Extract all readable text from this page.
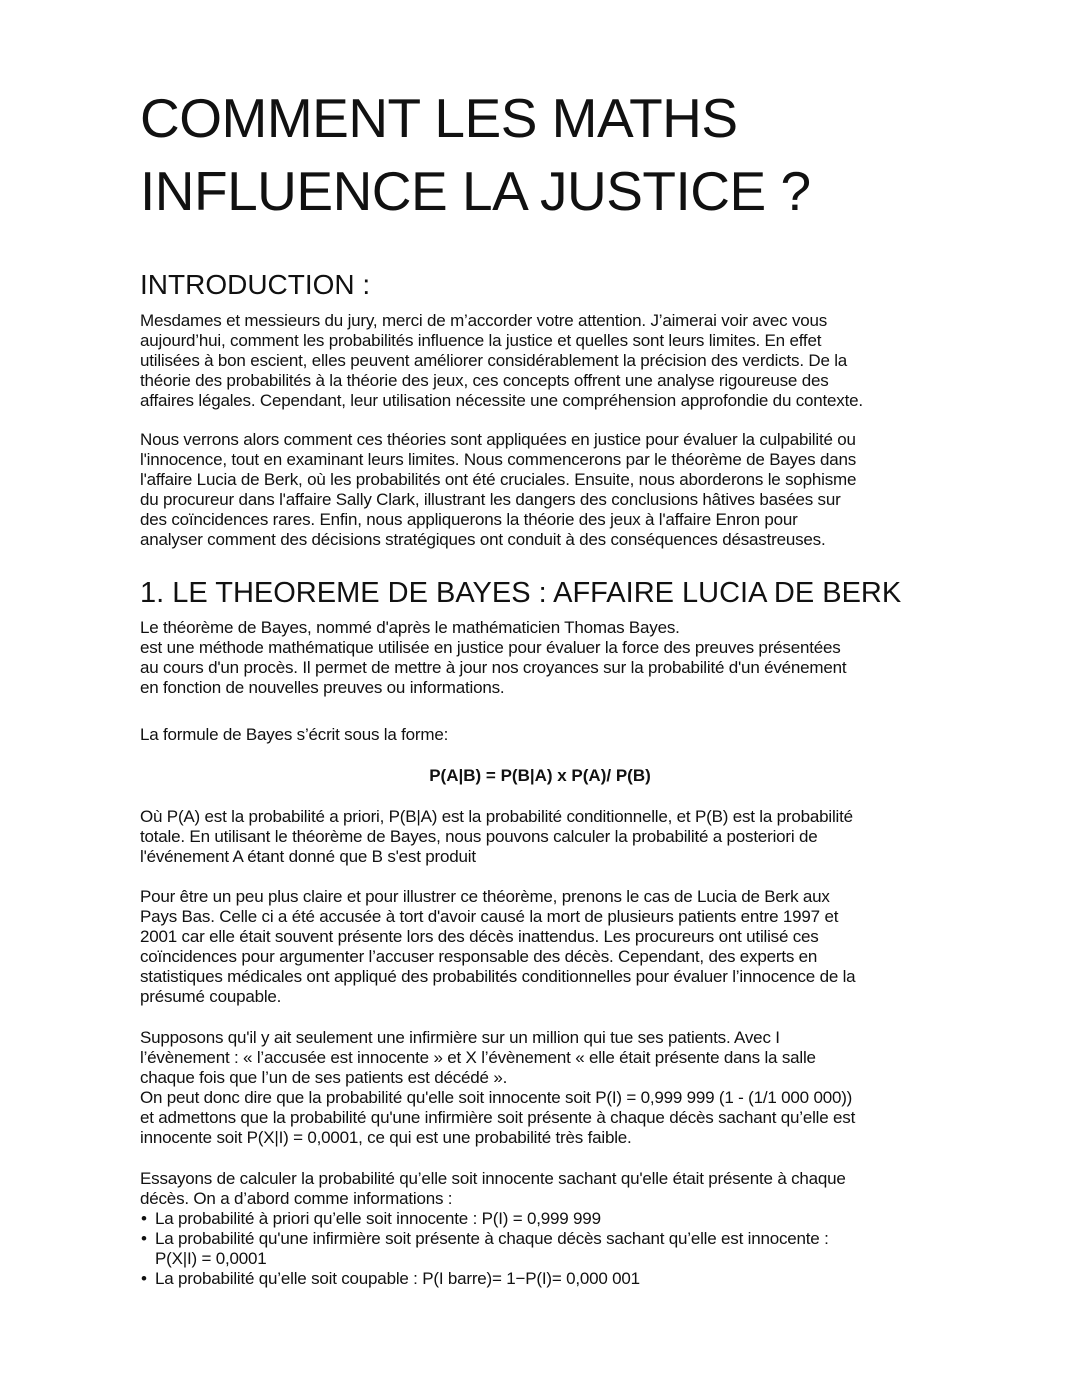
COMMENT LES MATHS
INFLUENCE LA JUSTICE ?
INTRODUCTION :
Mesdames et messieurs du jury, merci de m’accorder votre attention. J’aimerai voir avec vous
aujourd’hui, comment les probabilités influence la justice et quelles sont leurs limites. En effet
utilisées à bon escient, elles peuvent améliorer considérablement la précision des verdicts. De la
théorie des probabilités à la théorie des jeux, ces concepts offrent une analyse rigoureuse des
affaires légales. Cependant, leur utilisation nécessite une compréhension approfondie du contexte.
Nous verrons alors comment ces théories sont appliquées en justice pour évaluer la culpabilité ou
l'innocence, tout en examinant leurs limites. Nous commencerons par le théorème de Bayes dans
l'affaire Lucia de Berk, où les probabilités ont été cruciales. Ensuite, nous aborderons le sophisme
du procureur dans l'affaire Sally Clark, illustrant les dangers des conclusions hâtives basées sur
des coïncidences rares. Enfin, nous appliquerons la théorie des jeux à l'affaire Enron pour
analyser comment des décisions stratégiques ont conduit à des conséquences désastreuses.
1. LE THEOREME DE BAYES : AFFAIRE LUCIA DE BERK
Le théorème de Bayes, nommé d'après le mathématicien Thomas Bayes.
est une méthode mathématique utilisée en justice pour évaluer la force des preuves présentées
au cours d'un procès. Il permet de mettre à jour nos croyances sur la probabilité d'un événement
en fonction de nouvelles preuves ou informations.
La formule de Bayes s’écrit sous la forme:
P(A|B) = P(B|A) x P(A)/ P(B)
Où P(A) est la probabilité a priori, P(B|A) est la probabilité conditionnelle, et P(B) est la probabilité
totale. En utilisant le théorème de Bayes, nous pouvons calculer la probabilité a posteriori de
l'événement A étant donné que B s'est produit
Pour être un peu plus claire et pour illustrer ce théorème, prenons le cas de Lucia de Berk aux
Pays Bas. Celle ci a été accusée à tort d'avoir causé la mort de plusieurs patients entre 1997 et
2001 car elle était souvent présente lors des décès inattendus. Les procureurs ont utilisé ces
coïncidences pour argumenter l’accuser responsable des décès. Cependant, des experts en
statistiques médicales ont appliqué des probabilités conditionnelles pour évaluer l’innocence de la
présumé coupable.
Supposons qu'il y ait seulement une infirmière sur un million qui tue ses patients. Avec I
l’évènement : « l’accusée est innocente » et X l’évènement « elle était présente dans la salle
chaque fois que l’un de ses patients est décédé ».
On peut donc dire que la probabilité qu'elle soit innocente soit P(I) = 0,999 999 (1 - (1/1 000 000))
et admettons que la probabilité qu'une infirmière soit présente à chaque décès sachant qu’elle est
innocente soit P(X|I) = 0,0001, ce qui est une probabilité très faible.
Essayons de calculer la probabilité qu’elle soit innocente sachant qu'elle était présente à chaque
décès. On a d’abord comme informations :
• La probabilité à priori qu’elle soit innocente : P(I) = 0,999 999
• La probabilité qu'une infirmière soit présente à chaque décès sachant qu’elle est innocente :
P(X|I) = 0,0001
• La probabilité qu’elle soit coupable : P(I barre)= 1−P(I)= 0,000 001
